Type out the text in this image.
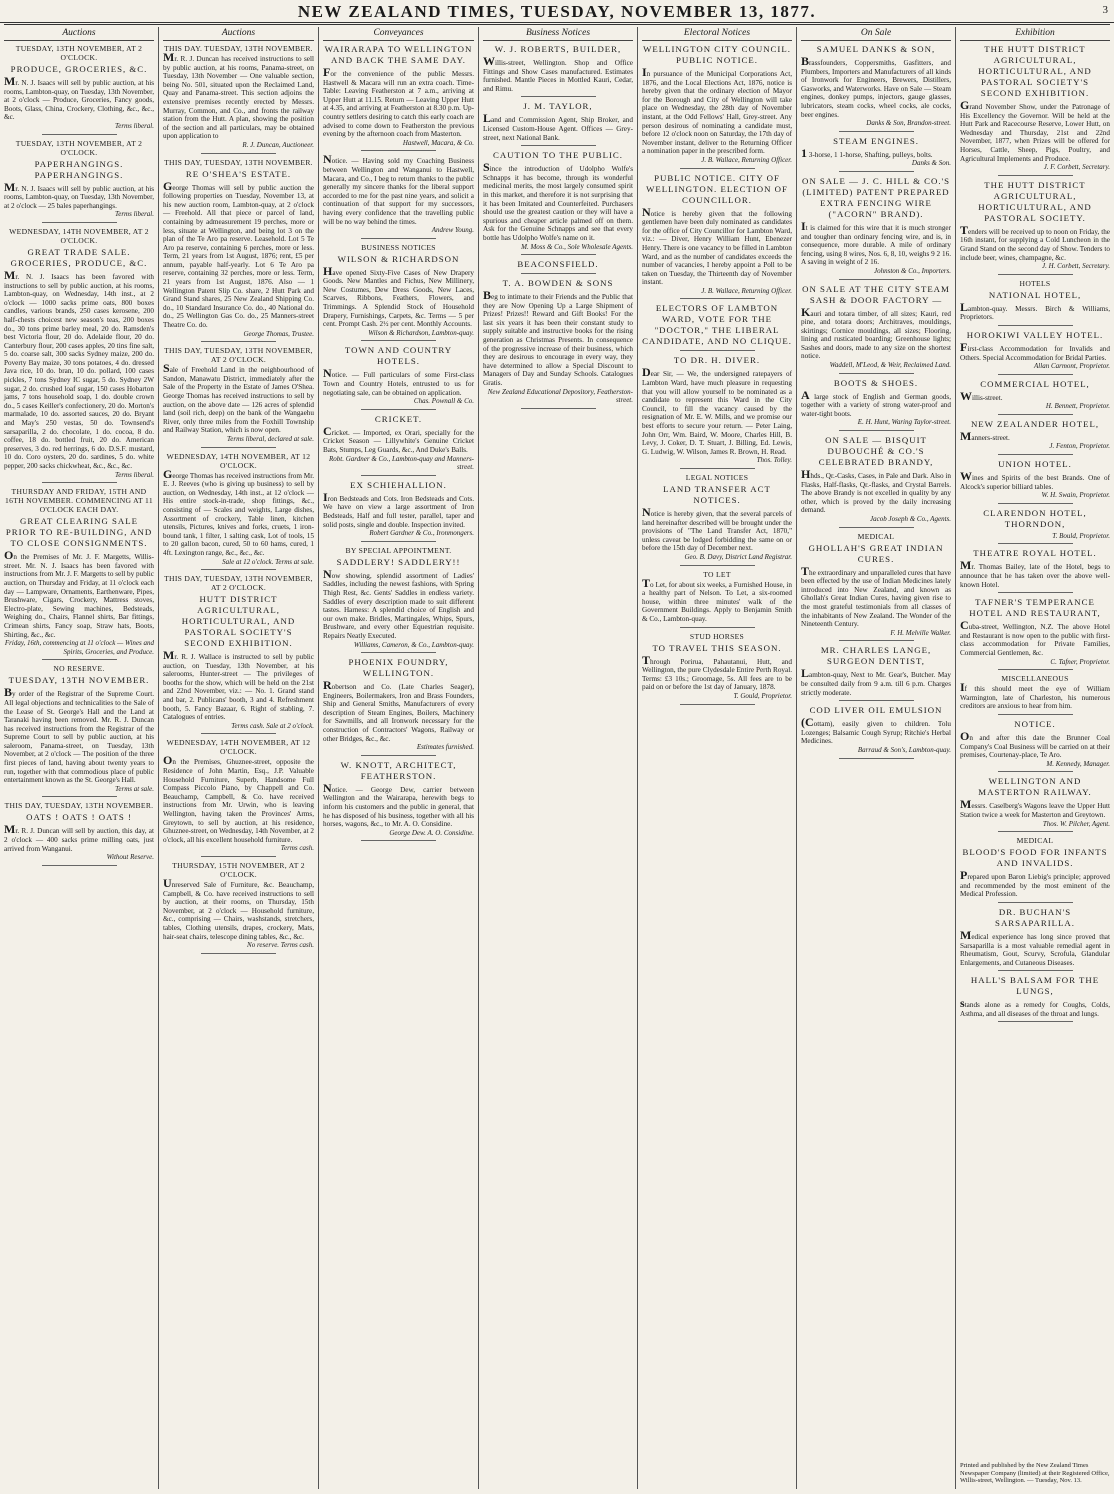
NEW ZEALAND TIMES, TUESDAY, NOVEMBER 13, 1877.	3
Auctions
TUESDAY, 13TH NOVEMBER, AT 2 O'CLOCK.
PRODUCE, GROCERIES, &C.
Mr. N. J. Isaacs will sell by public auction, at his rooms, Lambton-quay, on Tuesday, 13th November, at 2 o'clock — Produce, Groceries, Fancy goods, Boots, Glass, China, Crockery, Clothing, &c., &c., &c.
Terms liberal.
TUESDAY, 13TH NOVEMBER, AT 2 O'CLOCK.
PAPERHANGINGS. PAPERHANGINGS.
Mr. N. J. Isaacs will sell by public auction, at his rooms, Lambton-quay, on Tuesday, 13th November, at 2 o'clock — 25 bales paperhangings.
Terms liberal.
WEDNESDAY, 14TH NOVEMBER, AT 2 O'CLOCK.
GREAT TRADE SALE. GROCERIES, PRODUCE, &C.
Mr. N. J. Isaacs has been favored with instructions to sell by public auction, at his rooms, Lambton-quay, on Wednesday, 14th inst., at 2 o'clock — 1000 sacks prime oats, 800 boxes candles, various brands, 250 cases kerosene, 200 half-chests choicest new season's teas, 200 boxes do., 30 tons prime barley meal, 20 do. Ramsden's best Victoria flour, 20 do. Adelaide flour, 20 do. Canterbury flour, 200 cases apples, 20 tins fine salt, 5 do. coarse salt, 300 sacks Sydney maize, 200 do. Poverty Bay maize, 30 tons potatoes, 4 do. dressed Java rice, 10 do. bran, 10 do. pollard, 100 cases pickles, 7 tons Sydney IC sugar, 5 do. Sydney 2W sugar, 2 do. crushed loaf sugar, 150 cases Hobarton jams, 7 tons household soap, 1 do. double crown do., 5 cases Keiller's confectionery, 20 do. Morton's marmalade, 10 do. assorted sauces, 20 do. Bryant and May's 250 vestas, 50 do. Townsend's sarsaparilla, 2 do. chocolate, 1 do. cocoa, 8 do. coffee, 18 do. bottled fruit, 20 do. American preserves, 3 do. red herrings, 6 do. D.S.F. mustard, 10 do. Coro oysters, 20 do. sardines, 5 do. white pepper, 200 sacks chickwheat, &c., &c., &c.
Terms liberal.
THURSDAY AND FRIDAY, 15TH AND 16TH NOVEMBER. COMMENCING AT 11 O'CLOCK EACH DAY.
GREAT CLEARING SALE PRIOR TO RE-BUILDING, AND TO CLOSE CONSIGNMENTS.
On the Premises of Mr. J. F. Margetts, Willis-street. Mr. N. J. Isaacs has been favored with instructions from Mr. J. F. Margetts to sell by public auction, on Thursday and Friday, at 11 o'clock each day — Lampware, Ornaments, Earthenware, Pipes, Brushware, Cigars, Crockery, Mattress stoves, Electro-plate, Sewing machines, Bedsteads, Weighing do., Chairs, Flannel shirts, Bar fittings, Crimean shirts, Fancy soap, Straw hats, Boots, Shirting, &c., &c.
Friday, 16th, commencing at 11 o'clock — Wines and Spirits, Groceries, and Produce.
NO RESERVE.
TUESDAY, 13TH NOVEMBER.
By order of the Registrar of the Supreme Court. All legal objections and technicalities to the Sale of the Lease of St. George's Hall and the Land at Taranaki having been removed. Mr. R. J. Duncan has received instructions from the Registrar of the Supreme Court to sell by public auction, at his saleroom, Panama-street, on Tuesday, 13th November, at 2 o'clock — The position of the three first pieces of land, having about twenty years to run, together with that commodious place of public entertainment known as the St. George's Hall.
Terms at sale.
THIS DAY, TUESDAY, 13TH NOVEMBER.
OATS ! OATS ! OATS !
Mr. R. J. Duncan will sell by auction, this day, at 2 o'clock — 400 sacks prime milling oats, just arrived from Wanganui.
Without Reserve.
Auctions
THIS DAY. TUESDAY, 13TH NOVEMBER.
Mr. R. J. Duncan has received instructions to sell by public auction, at his rooms, Panama-street, on Tuesday, 13th November — One valuable section, being No. 501, situated upon the Reclaimed Land, Quay and Panama-street. This section adjoins the extensive premises recently erected by Messrs. Murray, Common, and Co., and fronts the railway station from the Hutt. A plan, showing the position of the section and all particulars, may be obtained upon application to
R. J. Duncan, Auctioneer.
THIS DAY, TUESDAY, 13TH NOVEMBER.
RE O'SHEA'S ESTATE.
George Thomas will sell by public auction the following properties on Tuesday, November 13, at his new auction room, Lambton-quay, at 2 o'clock — Freehold. All that piece or parcel of land, containing by admeasurement 19 perches, more or less, situate at Wellington, and being lot 3 on the plan of the Te Aro pa reserve. Leasehold. Lot 5 Te Aro pa reserve, containing 6 perches, more or less. Term, 21 years from 1st August, 1876; rent, £5 per annum, payable half-yearly. Lot 6 Te Aro pa reserve, containing 32 perches, more or less. Term, 21 years from 1st August, 1876. Also — 1 Wellington Patent Slip Co. share, 2 Hutt Park and Grand Stand shares, 25 New Zealand Shipping Co. do., 10 Standard Insurance Co. do., 40 National do. do., 25 Wellington Gas Co. do., 25 Manners-street Theatre Co. do.
George Thomas, Trustee.
THIS DAY, TUESDAY, 13TH NOVEMBER, AT 2 O'CLOCK.
Sale of Freehold Land in the neighbourhood of Sandon, Manawatu District, immediately after the Sale of the Property in the Estate of James O'Shea. George Thomas has received instructions to sell by auction, on the above date — 126 acres of splendid land (soil rich, deep) on the bank of the Wangaehu River, only three miles from the Foxhill Township and Railway Station, which is now open.
Terms liberal, declared at sale.
WEDNESDAY, 14TH NOVEMBER, AT 12 O'CLOCK.
George Thomas has received instructions from Mr. E. J. Reeves (who is giving up business) to sell by auction, on Wednesday, 14th inst., at 12 o'clock — His entire stock-in-trade, shop fittings, &c., consisting of — Scales and weights, Large dishes, Assortment of crockery, Table linen, kitchen utensils, Pictures, knives and forks, cruets, 1 iron-bound tank, 1 filter, 1 salting cask, Lot of tools, 15 to 20 gallon bacon, cured, 50 to 60 hams, cured, 1 4ft. Lexington range, &c., &c., &c.
Sale at 12 o'clock. Terms at sale.
THIS DAY, TUESDAY, 13TH NOVEMBER, AT 2 O'CLOCK.
HUTT DISTRICT AGRICULTURAL, HORTICULTURAL, AND PASTORAL SOCIETY'S SECOND EXHIBITION.
Mr. R. J. Wallace is instructed to sell by public auction, on Tuesday, 13th November, at his salerooms, Hunter-street — The privileges of booths for the show, which will be held on the 21st and 22nd November, viz.: — No. 1. Grand stand and bar, 2. Publicans' booth, 3 and 4. Refreshment booth, 5. Fancy Bazaar, 6. Right of stabling, 7. Catalogues of entries.
Terms cash. Sale at 2 o'clock.
WEDNESDAY, 14TH NOVEMBER, AT 12 O'CLOCK.
On the Premises, Ghuznee-street, opposite the Residence of John Martin, Esq., J.P. Valuable Household Furniture, Superb, Handsome Full Compass Piccolo Piano, by Chappell and Co. Beauchamp, Campbell, & Co. have received instructions from Mr. Urwin, who is leaving Wellington, having taken the Provinces' Arms, Greytown, to sell by auction, at his residence, Ghuznee-street, on Wednesday, 14th November, at 2 o'clock, all his excellent household furniture.
Terms cash.
THURSDAY, 15TH NOVEMBER, AT 2 O'CLOCK.
Unreserved Sale of Furniture, &c. Beauchamp, Campbell, & Co. have received instructions to sell by auction, at their rooms, on Thursday, 15th November, at 2 o'clock — Household furniture, &c., comprising — Chairs, washstands, stretchers, tables, Clothing utensils, drapes, crockery, Mats, hair-seat chairs, telescope dining tables, &c., &c.
No reserve. Terms cash.
Conveyances
WAIRARAPA TO WELLINGTON AND BACK THE SAME DAY.
For the convenience of the public Messrs. Hastwell & Macara will run an extra coach. Time-Table: Leaving Featherston at 7 a.m., arriving at Upper Hutt at 11.15. Return — Leaving Upper Hutt at 4.35, and arriving at Featherston at 8.30 p.m. Up-country settlers desiring to catch this early coach are advised to come down to Featherston the previous evening by the afternoon coach from Masterton.
Hastwell, Macara, & Co.
Notice. — Having sold my Coaching Business between Wellington and Wanganui to Hastwell, Macara, and Co., I beg to return thanks to the public generally my sincere thanks for the liberal support accorded to me for the past nine years, and solicit a continuation of that support for my successors, having every confidence that the travelling public will be no way behind the times.
Andrew Young.
BUSINESS NOTICES
WILSON & RICHARDSON
Have opened Sixty-Five Cases of New Drapery Goods. New Mantles and Fichus, New Millinery, New Costumes, Dew Dress Goods, New Laces, Scarves, Ribbons, Feathers, Flowers, and Trimmings. A Splendid Stock of Household Drapery, Furnishings, Carpets, &c. Terms — 5 per cent. Prompt Cash. 2½ per cent. Monthly Accounts.
Wilson & Richardson, Lambton-quay.
TOWN AND COUNTRY HOTELS.
Notice. — Full particulars of some First-class Town and Country Hotels, entrusted to us for negotiating sale, can be obtained on application.
Chas. Pownall & Co.
CRICKET.
Cricket. — Imported, ex Orari, specially for the Cricket Season — Lillywhite's Genuine Cricket Bats, Stumps, Leg Guards, &c., And Duke's Balls.
Robt. Gardner & Co., Lambton-quay and Manners-street.
EX SCHIEHALLION.
Iron Bedsteads and Cots. Iron Bedsteads and Cots. We have on view a large assortment of Iron Bedsteads, Half and full tester, parallel, taper and solid posts, single and double. Inspection invited.
Robert Gardner & Co., Ironmongers.
BY SPECIAL APPOINTMENT.
SADDLERY! SADDLERY!!
Now showing, splendid assortment of Ladies' Saddles, including the newest fashions, with Spring Thigh Rest, &c. Gents' Saddles in endless variety. Saddles of every description made to suit different tastes. Harness: A splendid choice of English and our own make. Bridles, Martingales, Whips, Spurs, Brushware, and every other Equestrian requisite. Repairs Neatly Executed.
Williams, Cameron, & Co., Lambton-quay.
PHOENIX FOUNDRY, WELLINGTON.
Robertson and Co. (Late Charles Seager), Engineers, Boilermakers, Iron and Brass Founders, Ship and General Smiths, Manufacturers of every description of Steam Engines, Boilers, Machinery for Sawmills, and all Ironwork necessary for the construction of Contractors' Wagons, Railway or other Bridges, &c., &c.
Estimates furnished.
W. KNOTT, ARCHITECT, FEATHERSTON.
Notice. — George Dew, carrier between Wellington and the Wairarapa, herewith begs to inform his customers and the public in general, that he has disposed of his business, together with all his horses, wagons, &c., to Mr. A. O. Considine.
George Dew. A. O. Considine.
Business Notices
W. J. ROBERTS, BUILDER,
Willis-street, Wellington. Shop and Office Fittings and Show Cases manufactured. Estimates furnished. Mantle Pieces in Mottled Kauri, Cedar, and Rimu.
J. M. TAYLOR,
Land and Commission Agent, Ship Broker, and Licensed Custom-House Agent. Offices — Grey-street, next National Bank.
CAUTION TO THE PUBLIC.
Since the introduction of Udolpho Wolfe's Schnapps it has become, through its wonderful medicinal merits, the most largely consumed spirit in this market, and therefore it is not surprising that it has been Imitated and Counterfeited. Purchasers should use the greatest caution or they will have a spurious and cheaper article palmed off on them. Ask for the Genuine Schnapps and see that every bottle has Udolpho Wolfe's name on it.
M. Moss & Co., Sole Wholesale Agents.
BEACONSFIELD.
T. A. BOWDEN & SONS
Beg to intimate to their Friends and the Public that they are Now Opening Up a Large Shipment of Prizes! Prizes!! Reward and Gift Books! For the last six years it has been their constant study to supply suitable and instructive books for the rising generation as Christmas Presents. In consequence of the progressive increase of their business, which they are desirous to encourage in every way, they have determined to allow a Special Discount to Managers of Day and Sunday Schools. Catalogues Gratis.
New Zealand Educational Depository, Featherston-street.
Electoral Notices
WELLINGTON CITY COUNCIL. PUBLIC NOTICE.
In pursuance of the Municipal Corporations Act, 1876, and the Local Elections Act, 1876, notice is hereby given that the ordinary election of Mayor for the Borough and City of Wellington will take place on Wednesday, the 28th day of November instant, at the Odd Fellows' Hall, Grey-street. Any person desirous of nominating a candidate must, before 12 o'clock noon on Saturday, the 17th day of November instant, deliver to the Returning Officer a nomination paper in the prescribed form.
J. B. Wallace, Returning Officer.
PUBLIC NOTICE. CITY OF WELLINGTON. ELECTION OF COUNCILLOR.
Notice is hereby given that the following gentlemen have been duly nominated as candidates for the office of City Councillor for Lambton Ward, viz.: — Diver, Henry William Hunt, Ebenezer Henry. There is one vacancy to be filled in Lambton Ward, and as the number of candidates exceeds the number of vacancies, I hereby appoint a Poll to be taken on Tuesday, the Thirteenth day of November instant.
J. B. Wallace, Returning Officer.
ELECTORS OF LAMBTON WARD, VOTE FOR THE "DOCTOR," THE LIBERAL CANDIDATE, AND NO CLIQUE.
TO DR. H. DIVER.
Dear Sir, — We, the undersigned ratepayers of Lambton Ward, have much pleasure in requesting that you will allow yourself to be nominated as a candidate to represent this Ward in the City Council, to fill the vacancy caused by the resignation of Mr. E. W. Mills, and we promise our best efforts to secure your return. — Peter Laing, John Orr, Wm. Baird, W. Moore, Charles Hill, B. Levy, J. Coker, D. T. Stuart, J. Billing, Ed. Lewis, G. Ludwig, W. Wilson, James R. Brown, H. Read.
Thos. Tolley.
LEGAL NOTICES
LAND TRANSFER ACT NOTICES.
Notice is hereby given, that the several parcels of land hereinafter described will be brought under the provisions of "The Land Transfer Act, 1870," unless caveat be lodged forbidding the same on or before the 15th day of December next.
Geo. B. Davy, District Land Registrar.
TO LET
To Let, for about six weeks, a Furnished House, in a healthy part of Nelson. To Let, a six-roomed house, within three minutes' walk of the Government Buildings. Apply to Benjamin Smith & Co., Lambton-quay.
STUD HORSES
TO TRAVEL THIS SEASON.
Through Porirua, Pahautanui, Hutt, and Wellington, the pure Clydesdale Entire Perth Royal. Terms: £3 10s.; Groomage, 5s. All fees are to be paid on or before the 1st day of January, 1878.
T. Gould, Proprietor.
On Sale
SAMUEL DANKS & SON,
Brassfounders, Coppersmiths, Gasfitters, and Plumbers, Importers and Manufacturers of all kinds of Ironwork for Engineers, Brewers, Distillers, Gasworks, and Waterworks. Have on Sale — Steam engines, donkey pumps, injectors, gauge glasses, lubricators, steam cocks, wheel cocks, ale cocks, beer engines.
Danks & Son, Brandon-street.
STEAM ENGINES.
1 3-horse, 1 1-horse, Shafting, pulleys, bolts.
Danks & Son.
ON SALE — J. C. HILL & CO.'S (LIMITED) PATENT PREPARED EXTRA FENCING WIRE ("ACORN" BRAND).
It is claimed for this wire that it is much stronger and tougher than ordinary fencing wire, and is, in consequence, more durable. A mile of ordinary fencing, using 8 wires, Nos. 6, 8, 10, weighs 9 2 16. A saving in weight of 2 16.
Johnston & Co., Importers.
ON SALE AT THE CITY STEAM SASH & DOOR FACTORY —
Kauri and totara timber, of all sizes; Kauri, red pine, and totara doors; Architraves, mouldings, skirtings; Cornice mouldings, all sizes; Flooring, lining and rusticated boarding; Greenhouse lights; Sashes and doors, made to any size on the shortest notice.
Waddell, M'Leod, & Weir, Reclaimed Land.
BOOTS & SHOES.
A large stock of English and German goods, together with a variety of strong water-proof and water-tight boots.
E. H. Hunt, Waring Taylor-street.
ON SALE — BISQUIT DUBOUCHÉ & CO.'S CELEBRATED BRANDY,
Hhds., Qr.-Casks, Cases, in Pale and Dark. Also in Flasks, Half-flasks, Qr.-flasks, and Crystal Barrels. The above Brandy is not excelled in quality by any other, which is proved by the daily increasing demand.
Jacob Joseph & Co., Agents.
MEDICAL
GHOLLAH'S GREAT INDIAN CURES.
The extraordinary and unparalleled cures that have been effected by the use of Indian Medicines lately introduced into New Zealand, and known as Ghollah's Great Indian Cures, having given rise to the most grateful testimonials from all classes of the inhabitants of New Zealand. The Wonder of the Nineteenth Century.
F. H. Melville Walker.
MR. CHARLES LANGE, SURGEON DENTIST,
Lambton-quay, Next to Mr. Gear's, Butcher. May be consulted daily from 9 a.m. till 6 p.m. Charges strictly moderate.
COD LIVER OIL EMULSION
(Cottam), easily given to children. Tolu Lozenges; Balsamic Cough Syrup; Ritchie's Herbal Medicines.
Barraud & Son's, Lambton-quay.
Exhibition
THE HUTT DISTRICT AGRICULTURAL, HORTICULTURAL, AND PASTORAL SOCIETY'S SECOND EXHIBITION.
Grand November Show, under the Patronage of His Excellency the Governor. Will be held at the Hutt Park and Racecourse Reserve, Lower Hutt, on Wednesday and Thursday, 21st and 22nd November, 1877, when Prizes will be offered for Horses, Cattle, Sheep, Pigs, Poultry, and Agricultural Implements and Produce.
J. F. Corbett, Secretary.
THE HUTT DISTRICT AGRICULTURAL, HORTICULTURAL, AND PASTORAL SOCIETY.
Tenders will be received up to noon on Friday, the 16th instant, for supplying a Cold Luncheon in the Grand Stand on the second day of Show. Tenders to include beer, wines, champagne, &c.
J. H. Corbett, Secretary.
HOTELS
NATIONAL HOTEL,
Lambton-quay. Messrs. Birch & Williams, Proprietors.
HOROKIWI VALLEY HOTEL.
First-class Accommodation for Invalids and Others. Special Accommodation for Bridal Parties.
Allan Carmont, Proprietor.
COMMERCIAL HOTEL,
Willis-street.
H. Bennett, Proprietor.
NEW ZEALANDER HOTEL,
Manners-street.
J. Fenton, Proprietor.
UNION HOTEL.
Wines and Spirits of the best Brands. One of Alcock's superior billiard tables.
W. H. Swain, Proprietor.
CLARENDON HOTEL, THORNDON,
T. Bould, Proprietor.
THEATRE ROYAL HOTEL.
Mr. Thomas Bailey, late of the Hotel, begs to announce that he has taken over the above well-known Hotel.
TAFNER'S TEMPERANCE HOTEL AND RESTAURANT,
Cuba-street, Wellington, N.Z. The above Hotel and Restaurant is now open to the public with first-class accommodation for Private Families, Commercial Gentlemen, &c.
C. Tafner, Proprietor.
MISCELLANEOUS
If this should meet the eye of William Warmington, late of Charleston, his numerous creditors are anxious to hear from him.
NOTICE.
On and after this date the Brunner Coal Company's Coal Business will be carried on at their premises, Courtenay-place, Te Aro.
M. Kennedy, Manager.
WELLINGTON AND MASTERTON RAILWAY.
Messrs. Caselberg's Wagons leave the Upper Hutt Station twice a week for Masterton and Greytown.
Thos. W. Pilcher, Agent.
MEDICAL
BLOOD'S FOOD FOR INFANTS AND INVALIDS.
Prepared upon Baron Liebig's principle; approved and recommended by the most eminent of the Medical Profession.
DR. BUCHAN'S SARSAPARILLA.
Medical experience has long since proved that Sarsaparilla is a most valuable remedial agent in Rheumatism, Gout, Scurvy, Scrofula, Glandular Enlargements, and Cutaneous Diseases.
HALL'S BALSAM FOR THE LUNGS,
stands alone as a remedy for Coughs, Colds, Asthma, and all diseases of the throat and lungs.
Printed and published by the New Zealand Times Newspaper Company (limited) at their Registered Office, Willis-street, Wellington. — Tuesday, Nov. 13.
